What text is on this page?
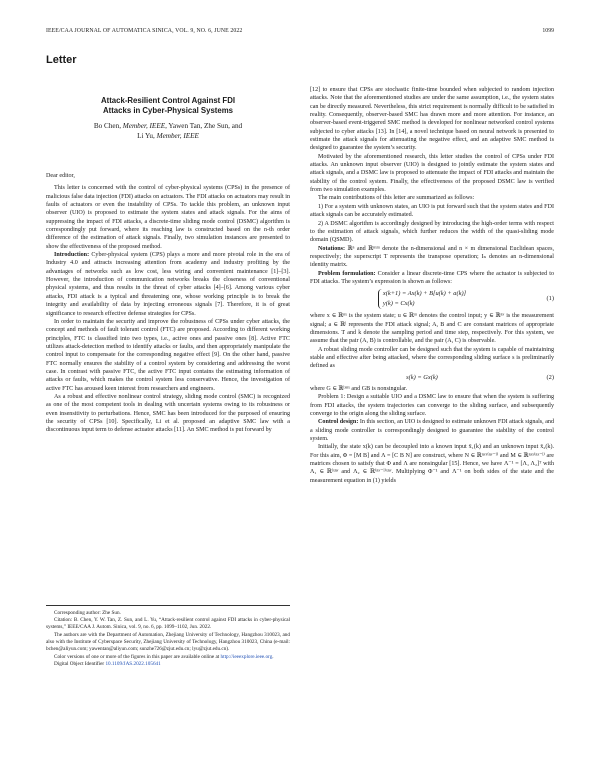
IEEE/CAA JOURNAL OF AUTOMATICA SINICA, VOL. 9, NO. 6, JUNE 2022	1099
Letter
Attack-Resilient Control Against FDI
Attacks in Cyber-Physical Systems
Bo Chen, Member, IEEE, Yawen Tan, Zhe Sun, and
Li Yu, Member, IEEE

Dear editor,

This letter is concerned with the control of cyber-physical systems (CPSs) in the presence of malicious false data injection (FDI) attacks on actuators. The FDI attacks on actuators may result in faults of actuators or even the instability of CPSs. To tackle this problem, an unknown input observer (UIO) is proposed to estimate the system states and attack signals. For the aims of suppressing the impact of FDI attacks, a discrete-time sliding mode control (DSMC) algorithm is correspondingly put forward, where its reaching law is constructed based on the n-th order difference of the estimation of attack signals. Finally, two simulation instances are presented to show the effectiveness of the proposed method.

Introduction: Cyber-physical system (CPS) plays a more and more pivotal role in the era of Industry 4.0 and attracts increasing attention from academy and industry profiting by the advantages of networks such as low cost, less wiring and convenient maintenance [1]–[3]. However, the introduction of communication networks breaks the closeness of conventional physical systems, and thus results in the threat of cyber attacks [4]–[6]. Among various cyber attacks, FDI attack is a typical and threatening one, whose working principle is to break the integrity and availability of data by injecting erroneous signals [7]. Therefore, it is of great significance to research effective defense strategies for CPSs.

In order to maintain the security and improve the robustness of CPSs under cyber attacks, the concept and methods of fault tolerant control (FTC) are proposed. According to different working principles, FTC is classified into two types, i.e., active ones and passive ones [8]. Active FTC utilizes attack-detection method to identify attacks or faults, and then appropriately manipulate the control input to compensate for the corresponding negative effect [9]. On the other hand, passive FTC normally ensures the stability of a control system by considering and addressing the worst case. In contrast with passive FTC, the active FTC input contains the estimating information of attacks or faults, which makes the control system less conservative. Hence, the investigation of active FTC has aroused keen interest from researchers and engineers.

As a robust and effective nonlinear control strategy, sliding mode control (SMC) is recognized as one of the most competent tools in dealing with uncertain systems owing to its robustness or even insensitivity to perturbations. Hence, SMC has been introduced for the purposed of ensuring the security of CPSs [10]. Specifically, Li et al. proposed an adaptive SMC law with a discontinuous input term to defense actuator attacks [11]. An SMC method is put forward by

Corresponding author: Zhe Sun.

Citation: B. Chen, Y. W. Tan, Z. Sun, and L. Yu, “Attack-resilient control against FDI attacks in cyber-physical systems,” IEEE/CAA J. Autom. Sinica, vol. 9, no. 6, pp. 1099–1102, Jun. 2022.

The authors are with the Department of Automation, Zhejiang University of Technology, Hangzhou 310023, and also with the Institute of Cyberspace Security, Zhejiang University of Technology, Hangzhou 310023, China (e-mail: bchen@aliyun.com; yawentan@aliyun.com; sunzhe726@zjut.edu.cn; lyu@zjut.edu.cn).

Color versions of one or more of the figures in this paper are available online at http://ieeexplore.ieee.org.

Digital Object Identifier 10.1109/JAS.2022.105641

[12] to ensure that CPSs are stochastic finite-time bounded when subjected to random injection attacks. Note that the aforementioned studies are under the same assumption, i.e., the system states can be directly measured. Nevertheless, this strict requirement is normally difficult to be satisfied in reality. Consequently, observer-based SMC has drawn more and more attention. For instance, an observer-based event-triggered SMC method is developed for nonlinear networked control systems subjected to cyber attacks [13]. In [14], a novel technique based on neural network is presented to estimate the attack signals for attenuating the negative effect, and an adaptive SMC method is designed to guarantee the system’s security.

Motivated by the aforementioned research, this letter studies the control of CPSs under FDI attacks. An unknown input observer (UIO) is designed to jointly estimate the system states and attack signals, and a DSMC law is proposed to attenuate the impact of FDI attacks and maintain the stability of the control system. Finally, the effectiveness of the proposed DSMC law is verified from two simulation examples.

The main contributions of this letter are summarized as follows:

1) For a system with unknown states, an UIO is put forward such that the system states and FDI attack signals can be accurately estimated.

2) A DSMC algorithm is accordingly designed by introducing the high-order terms with respect to the estimation of attack signals, which further reduces the width of the quasi-sliding mode domain (QSMD).

Notations: ℝⁿ and ℝⁿˣᵐ denote the n-dimensional and n × m dimensional Euclidean spaces, respectively; the superscript T represents the transpose operation; Iₙ denotes an n-dimensional identity matrix.

Problem formulation: Consider a linear discrete-time CPS where the actuator is subjected to FDI attacks. The system’s expression is shown as follows:

x(k+1) = Ax(k) + B[u(k) + a(k)]
y(k) = Cx(k)
(1)

where x ∈ ℝⁿˣ is the system state; u ∈ ℝᵐ denotes the control input; y ∈ ℝⁿʸ is the measurement signal; a ∈ ℝˡ represents the FDI attack signal; A, B and C are constant matrices of appropriate dimensions. T and k denote the sampling period and time step, respectively. For this system, we assume that the pair (A, B) is controllable, and the pair (A, C) is observable.

A robust sliding mode controller can be designed such that the system is capable of maintaining stable and effective after being attacked, where the corresponding sliding surface s is preliminarily defined as

s(k) = Gx(k)	(2)

where G ∈ ℝˡˣⁿˣ and GB is nonsingular.

Problem 1: Design a suitable UIO and a DSMC law to ensure that when the system is suffering from FDI attacks, the system trajectories can converge to the sliding surface, and subsequently converge to the origin along the sliding surface.

Control design: In this section, an UIO is designed to estimate unknown FDI attack signals, and a sliding mode controller is correspondingly designed to guarantee the stability of the control system.

Initially, the state x(k) can be decoupled into a known input x̄₁(k) and an unknown input x̄₂(k). For this aim, Φ = [M B] and Λ = [C B N] are construct, where N ∈ ℝⁿʸˣ⁽ⁿʸ⁻ˡ⁾ and M ∈ ℝⁿˣˣ⁽ⁿˣ⁻ˡ⁾ are matrices chosen to satisfy that Φ and Λ are nonsingular [15]. Hence, we have Λ⁻¹ = [Λ₁ Λ₂]ᵀ with Λ₁ ∈ ℝˡˣⁿʸ and Λ₂ ∈ ℝ⁽ⁿʸ⁻ˡ⁾ˣⁿʸ. Multiplying Φ⁻¹ and Λ⁻¹ on both sides of the state and the measurement equation in (1) yields
